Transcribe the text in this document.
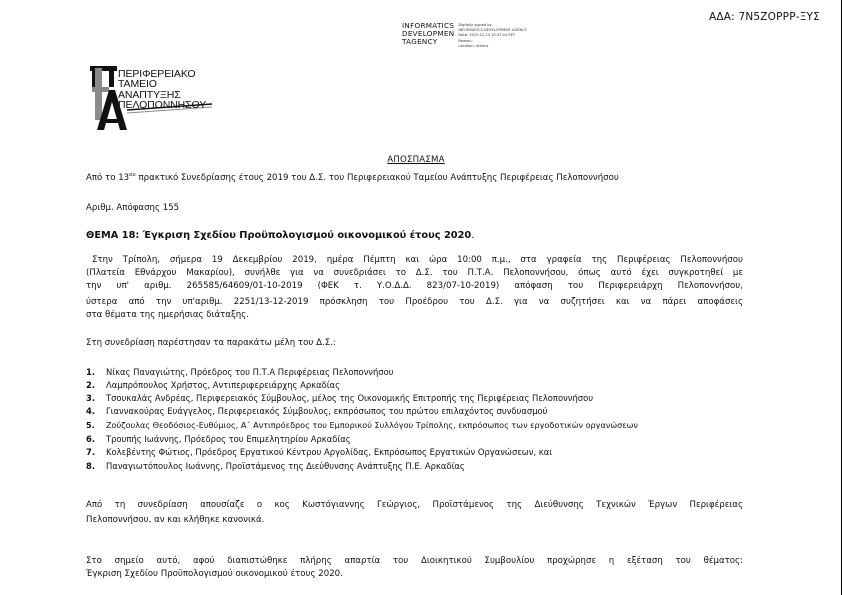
ΑΔΑ: 7Ν5ΖΟΡΡΡ-ΞΥΣ
INFORMATICS
DEVELOPMEN
TAGENCY
Digitally signed by
INFORMATICS DEVELOPMENT AGENCY
Date: 2019.12.23 10:37:24 EET
Reason:
Location: Athens
ΠΕΡΙΦΕΡΕΙΑΚΟ
ΤΑΜΕΙΟ
ΑΝΑΠΤΥΞΗΣ
ΠΕΛΟΠΟΝΝΗΣΟΥ
ΑΠΟΣΠΑΣΜΑ
Από το $13^{o\upsilon}$ πρακτικό Συνεδρίασης έτους 2019 του Δ.Σ. του Περιφερειακού Ταμείου Ανάπτυξης Περιφέρειας Πελοποννήσου
Αριθμ. Απόφασης 155
ΘΕΜΑ 18: Έγκριση Σχεδίου Προϋπολογισμού οικονομικού έτους 2020.
Στην Τρίπολη, σήμερα 19 Δεκεμβρίου 2019, ημέρα Πέμπτη και ώρα 10:00 π.μ., στα γραφεία της Περιφέρειας Πελοποννήσου
(Πλατεία Εθνάρχου Μακαρίου), συνήλθε για να συνεδριάσει το Δ.Σ. του Π.Τ.Α. Πελοποννήσου, όπως αυτό έχει συγκροτηθεί με
την υπ' αριθμ. 265585/64609/01-10-2019 (ΦΕΚ τ. Υ.Ο.Δ.Δ. 823/07-10-2019) απόφαση του Περιφερειάρχη Πελοποννήσου,
ύστερα από την υπ'αριθμ. 2251/13-12-2019 πρόσκληση του Προέδρου του Δ.Σ. για να συζητήσει και να πάρει αποφάσεις
στα θέματα της ημερήσιας διάταξης.
Στη συνεδρίαση παρέστησαν τα παρακάτω μέλη του Δ.Σ.:
1. Νίκας Παναγιώτης, Πρόεδρος του Π.Τ.Α Περιφέρειας Πελοποννήσου
2. Λαμπρόπουλος Χρήστος, Αντιπεριφερειάρχης Αρκαδίας
3. Τσουκαλάς Ανδρέας, Περιφερειακός Σύμβουλος, μέλος της Οικονομικής Επιτροπής της Περιφέρειας Πελοποννήσου
4. Γιαννακούρας Ευάγγελος, Περιφερειακός Σύμβουλος, εκπρόσωπος του πρώτου επιλαχόντος συνδυασμού
5. Ζούζουλας Θεοδόσιος-Ευθύμιος, Α΄ Αντιπρόεδρος του Εμπορικού Συλλόγου Τρίπολης, εκπρόσωπος των εργοδοτικών οργανώσεων
6. Τρουπής Ιωάννης, Πρόεδρος του Επιμελητηρίου Αρκαδίας
7. Κολεβέντης Φώτιος, Πρόεδρος Εργατικού Κέντρου Αργολίδας, Εκπρόσωπος Εργατικών Οργανώσεων, και
8. Παναγιωτόπουλος Ιωάννης, Προϊστάμενος της Διεύθυνσης Ανάπτυξης Π.Ε. Αρκαδίας
Από τη συνεδρίαση απουσίαζε ο κος Κωστόγιαννης Γεώργιος, Προϊστάμενος της Διεύθυνσης Τεχνικών Έργων Περιφέρειας
Πελοποννήσου, αν και κλήθηκε κανονικά.
Στο σημείο αυτό, αφού διαπιστώθηκε πλήρης απαρτία του Διοικητικού Συμβουλίου προχώρησε η εξέταση του θέματος:
Έγκριση Σχεδίου Προϋπολογισμού οικονομικού έτους 2020.
